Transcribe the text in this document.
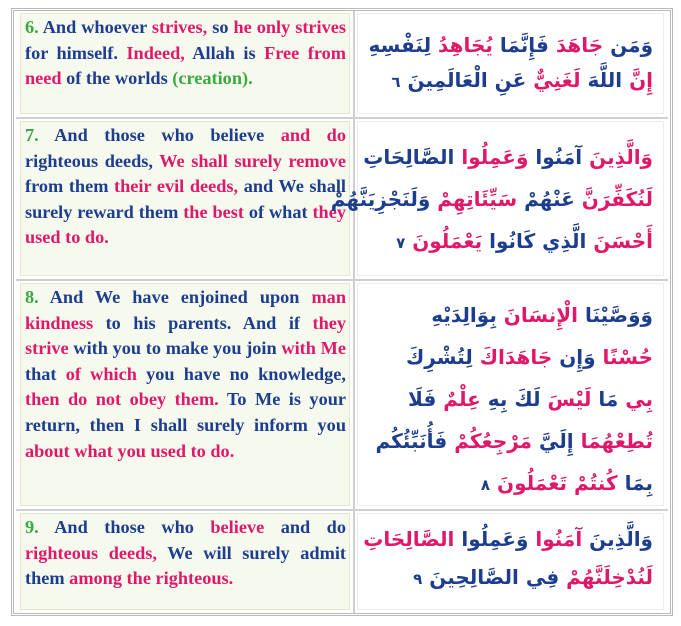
6. And whoever strives, so he only strives for himself. Indeed, Allah is Free from need of the worlds (creation).
وَمَن جَاهَدَ فَإِنَّمَا يُجَاهِدُ لِنَفْسِهِ
إِنَّ اللَّهَ لَغَنِيٌّ عَنِ الْعَالَمِينَ ٦
7. And those who believe and do righteous deeds, We shall surely remove from them their evil deeds, and We shall surely reward them the best of what they used to do.
وَالَّذِينَ آمَنُوا وَعَمِلُوا الصَّالِحَاتِ
لَنُكَفِّرَنَّ عَنْهُمْ سَيِّئَاتِهِمْ وَلَنَجْزِيَنَّهُمْ
أَحْسَنَ الَّذِي كَانُوا يَعْمَلُونَ ٧
8. And We have enjoined upon man kindness to his parents. And if they strive with you to make you join with Me that of which you have no knowledge, then do not obey them. To Me is your return, then I shall surely inform you about what you used to do.
وَوَصَّيْنَا الْإِنسَانَ بِوَالِدَيْهِ
حُسْنًا وَإِن جَاهَدَاكَ لِتُشْرِكَ
بِي مَا لَيْسَ لَكَ بِهِ عِلْمٌ فَلَا
تُطِعْهُمَا إِلَيَّ مَرْجِعُكُمْ فَأُنَبِّئُكُم
بِمَا كُنتُمْ تَعْمَلُونَ ٨
9. And those who believe and do righteous deeds, We will surely admit them among the righteous.
وَالَّذِينَ آمَنُوا وَعَمِلُوا الصَّالِحَاتِ
لَنُدْخِلَنَّهُمْ فِي الصَّالِحِينَ ٩
